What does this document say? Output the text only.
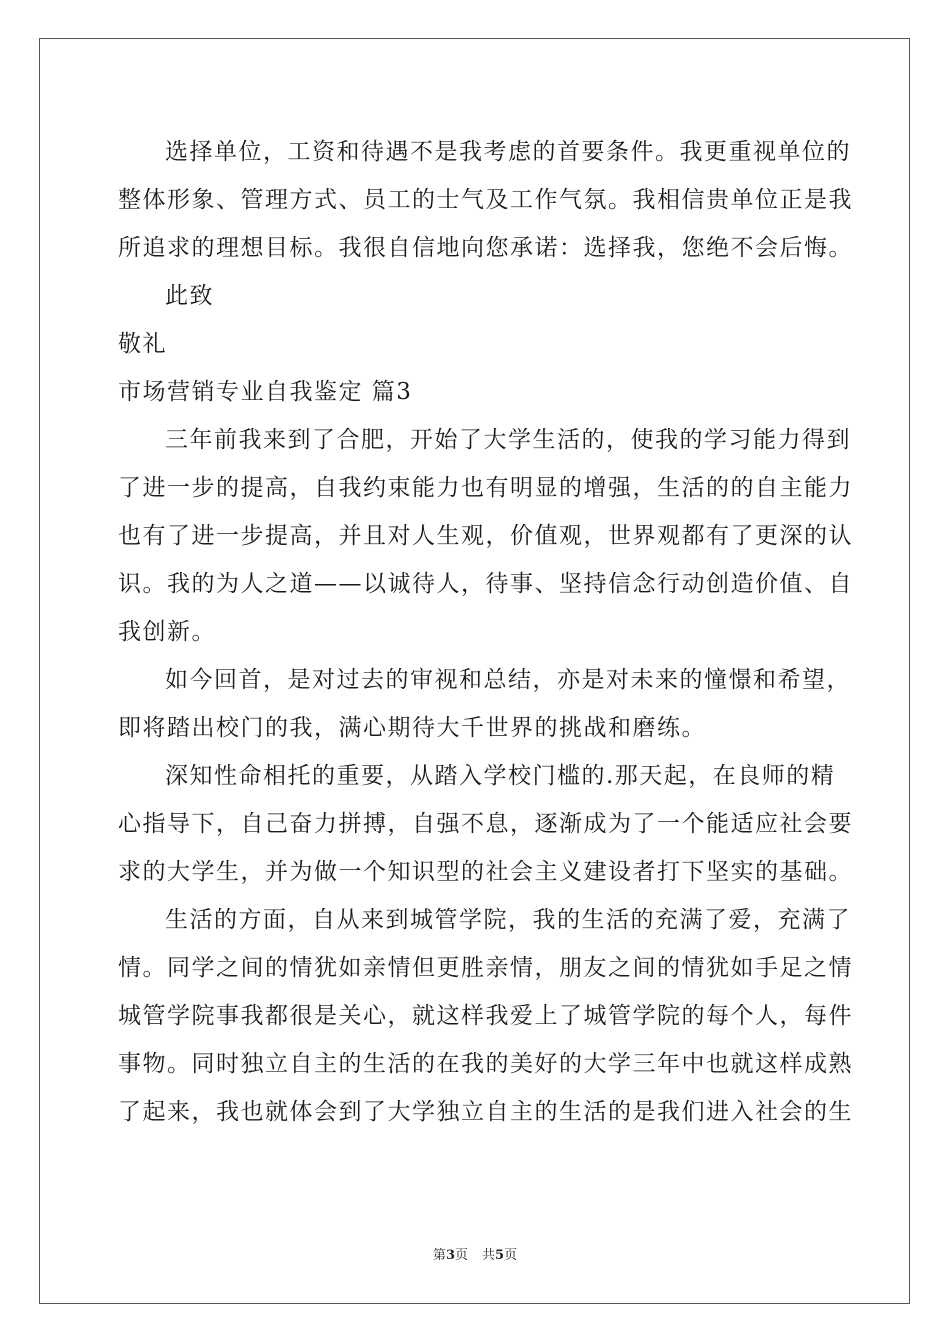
选择单位，工资和待遇不是我考虑的首要条件。我更重视单位的
整体形象、管理方式、员工的士气及工作气氛。我相信贵单位正是我
所追求的理想目标。我很自信地向您承诺：选择我，您绝不会后悔。
此致
敬礼
市场营销专业自我鉴定 篇3
三年前我来到了合肥，开始了大学生活的，使我的学习能力得到
了进一步的提高，自我约束能力也有明显的增强，生活的的自主能力
也有了进一步提高，并且对人生观，价值观，世界观都有了更深的认
识。我的为人之道——以诚待人，待事、坚持信念行动创造价值、自
我创新。
如今回首，是对过去的审视和总结，亦是对未来的憧憬和希望，
即将踏出校门的我，满心期待大千世界的挑战和磨练。
深知性命相托的重要，从踏入学校门槛的.那天起，在良师的精
心指导下，自己奋力拼搏，自强不息，逐渐成为了一个能适应社会要
求的大学生，并为做一个知识型的社会主义建设者打下坚实的基础。
生活的方面，自从来到城管学院，我的生活的充满了爱，充满了
情。同学之间的情犹如亲情但更胜亲情，朋友之间的情犹如手足之情
城管学院事我都很是关心，就这样我爱上了城管学院的每个人，每件
事物。同时独立自主的生活的在我的美好的大学三年中也就这样成熟
了起来，我也就体会到了大学独立自主的生活的是我们进入社会的生
第3页 共5页
